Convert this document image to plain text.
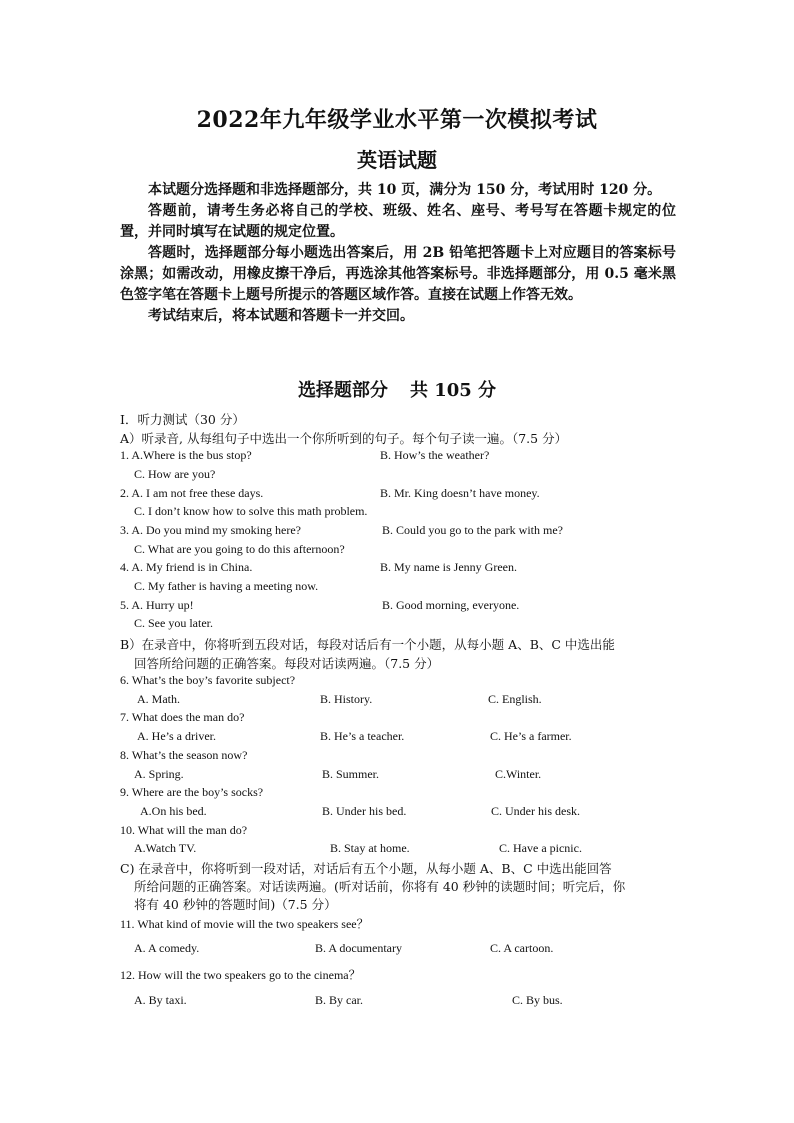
2022年九年级学业水平第一次模拟考试
英语试题

本试题分选择题和非选择题部分，共 10 页，满分为 150 分，考试用时 120 分。

答题前，请考生务必将自己的学校、班级、姓名、座号、考号写在答题卡规定的位置，并同时填写在试题的规定位置。

答题时，选择题部分每小题选出答案后，用 2B 铅笔把答题卡上对应题目的答案标号涂黑；如需改动，用橡皮擦干净后，再选涂其他答案标号。非选择题部分，用 0.5 毫米黑色签字笔在答题卡上题号所提示的答题区域作答。直接在试题上作答无效。

考试结束后，将本试题和答题卡一并交回。

选择题部分 共 105 分
I．听力测试（30 分）
A）听录音, 从每组句子中选出一个你所听到的句子。每个句子读一遍。（7.5 分）
1. A.Where is the bus stop?	B. How’s the weather?
C. How are you?
2. A. I am not free these days.	B. Mr. King doesn’t have money.
C. I don’t know how to solve this math problem.
3. A. Do you mind my smoking here?	B. Could you go to the park with me?
C. What are you going to do this afternoon?
4. A. My friend is in China.	B. My name is Jenny Green.
C. My father is having a meeting now.
5. A. Hurry up!	B. Good morning, everyone.
C. See you later.
B）在录音中，你将听到五段对话，每段对话后有一个小题，从每小题 A、B、C 中选出能
回答所给问题的正确答案。每段对话读两遍。（7.5 分）
6. What’s the boy’s favorite subject?
A. Math.	B. History.	C. English.
7. What does the man do?
A. He’s a driver.	B. He’s a teacher.	C. He’s a farmer.
8. What’s the season now?
A. Spring.	B. Summer.	C.Winter.
9. Where are the boy’s socks?
A.On his bed.	B. Under his bed.	C. Under his desk.
10. What will the man do?
A.Watch TV.	B. Stay at home.	C. Have a picnic.
C) 在录音中，你将听到一段对话，对话后有五个小题，从每小题 A、B、C 中选出能回答
所给问题的正确答案。对话读两遍。(听对话前，你将有 40 秒钟的读题时间；听完后，你
将有 40 秒钟的答题时间)（7.5 分）
11. What kind of movie will the two speakers see？
A. A comedy.	B. A documentary	C. A cartoon.
12. How will the two speakers go to the cinema？
A. By taxi.	B. By car.	C. By bus.
